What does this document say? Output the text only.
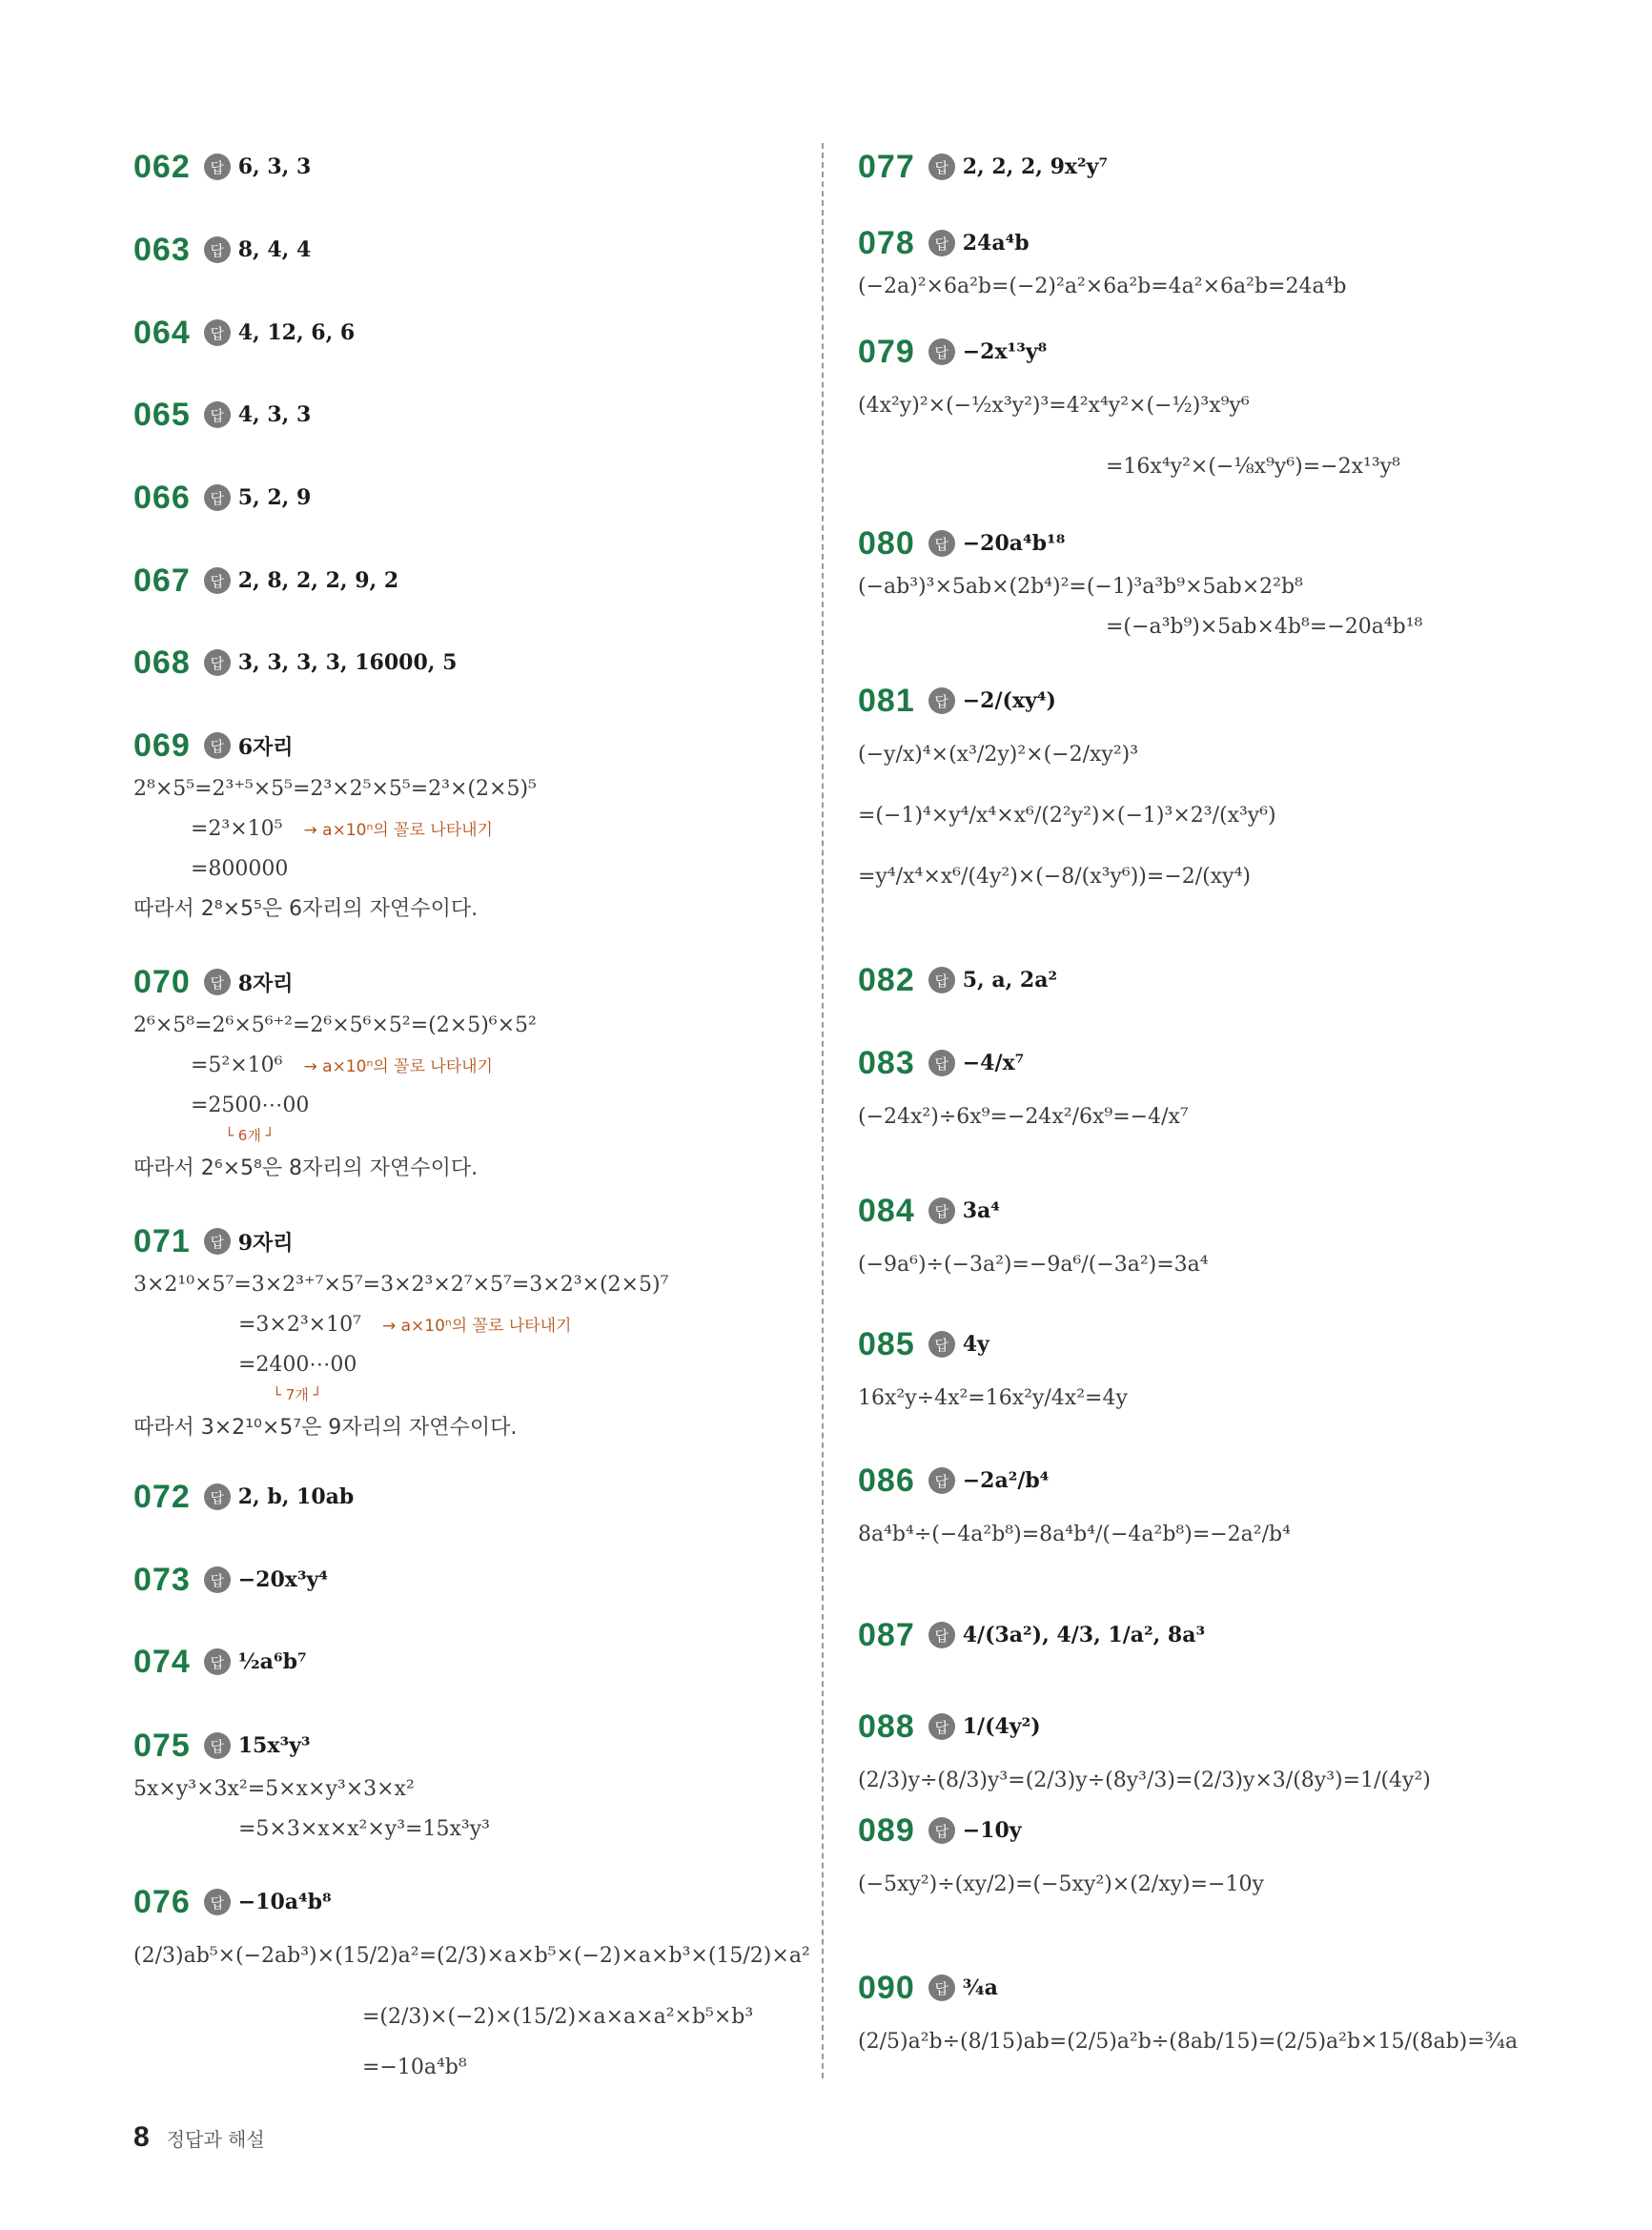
062	답 6, 3, 3
063	답 8, 4, 4
064	답 4, 12, 6, 6
065	답 4, 3, 3
066	답 5, 2, 9
067	답 2, 8, 2, 2, 9, 2
068	답 3, 3, 3, 3, 16000, 5
069	답 6자리
2⁸×5⁵=2³⁺⁵×5⁵=2³×2⁵×5⁵=2³×(2×5)⁵
=2³×10⁵ → a×10ⁿ의 꼴로 나타내기
=800000
따라서 2⁸×5⁵은 6자리의 자연수이다.
070	답 8자리
2⁶×5⁸=2⁶×5⁶⁺²=2⁶×5⁶×5²=(2×5)⁶×5²
=5²×10⁶ → a×10ⁿ의 꼴로 나타내기
=2500⋯00
└ 6개 ┘
따라서 2⁶×5⁸은 8자리의 자연수이다.
071	답 9자리
3×2¹⁰×5⁷=3×2³⁺⁷×5⁷=3×2³×2⁷×5⁷=3×2³×(2×5)⁷
=3×2³×10⁷ → a×10ⁿ의 꼴로 나타내기
=2400⋯00
└ 7개 ┘
따라서 3×2¹⁰×5⁷은 9자리의 자연수이다.
072	답 2, b, 10ab
073	답 −20x³y⁴
074	답 ½a⁶b⁷
075	답 15x³y³
5x×y³×3x²=5×x×y³×3×x²
=5×3×x×x²×y³=15x³y³
076	답 −10a⁴b⁸
(2/3)ab⁵×(−2ab³)×(15/2)a²=(2/3)×a×b⁵×(−2)×a×b³×(15/2)×a²
=(2/3)×(−2)×(15/2)×a×a×a²×b⁵×b³
=−10a⁴b⁸
077	답 2, 2, 2, 9x²y⁷
078	답 24a⁴b
(−2a)²×6a²b=(−2)²a²×6a²b=4a²×6a²b=24a⁴b
079	답 −2x¹³y⁸
(4x²y)²×(−½x³y²)³=4²x⁴y²×(−½)³x⁹y⁶
=16x⁴y²×(−⅛x⁹y⁶)=−2x¹³y⁸
080	답 −20a⁴b¹⁸
(−ab³)³×5ab×(2b⁴)²=(−1)³a³b⁹×5ab×2²b⁸
=(−a³b⁹)×5ab×4b⁸=−20a⁴b¹⁸
081	답 −2/(xy⁴)
(−y/x)⁴×(x³/2y)²×(−2/xy²)³
=(−1)⁴×y⁴/x⁴×x⁶/(2²y²)×(−1)³×2³/(x³y⁶)
=y⁴/x⁴×x⁶/(4y²)×(−8/(x³y⁶))=−2/(xy⁴)
082	답 5, a, 2a²
083	답 −4/x⁷
(−24x²)÷6x⁹=−24x²/6x⁹=−4/x⁷
084	답 3a⁴
(−9a⁶)÷(−3a²)=−9a⁶/(−3a²)=3a⁴
085	답 4y
16x²y÷4x²=16x²y/4x²=4y
086	답 −2a²/b⁴
8a⁴b⁴÷(−4a²b⁸)=8a⁴b⁴/(−4a²b⁸)=−2a²/b⁴
087	답 4/(3a²), 4/3, 1/a², 8a³
088	답 1/(4y²)
(2/3)y÷(8/3)y³=(2/3)y÷(8y³/3)=(2/3)y×3/(8y³)=1/(4y²)
089	답 −10y
(−5xy²)÷(xy/2)=(−5xy²)×(2/xy)=−10y
090	답 ¾a
(2/5)a²b÷(8/15)ab=(2/5)a²b÷(8ab/15)=(2/5)a²b×15/(8ab)=¾a
8 정답과 해설
